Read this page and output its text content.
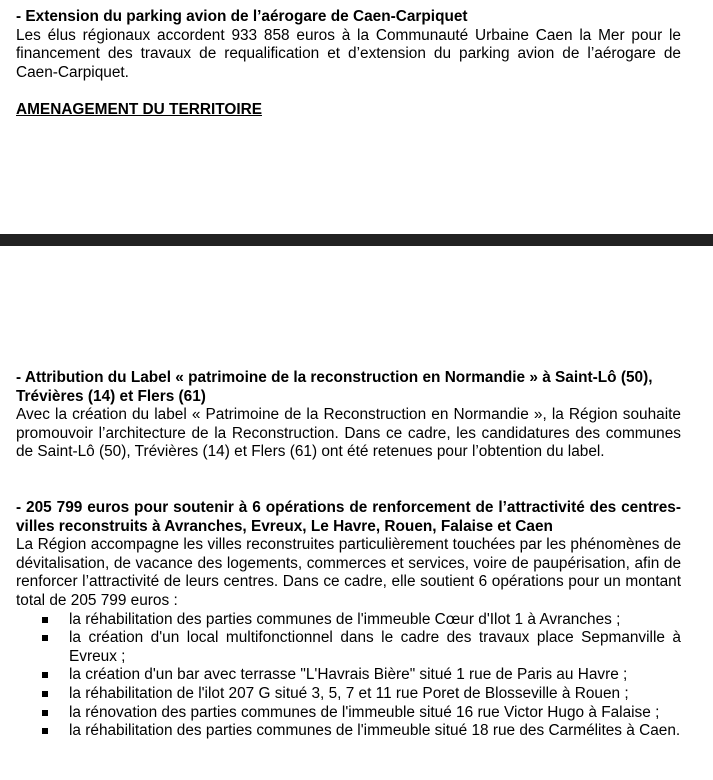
- Extension du parking avion de l’aérogare de Caen-Carpiquet

Les élus régionaux accordent 933 858 euros à la Communauté Urbaine Caen la Mer pour le financement des travaux de requalification et d’extension du parking avion de l’aérogare de Caen-Carpiquet.

AMENAGEMENT DU TERRITOIRE

- Attribution du Label « patrimoine de la reconstruction en Normandie » à Saint-Lô (50), Trévières (14) et Flers (61)

Avec la création du label « Patrimoine de la Reconstruction en Normandie », la Région souhaite promouvoir l’architecture de la Reconstruction. Dans ce cadre, les candidatures des communes de Saint-Lô (50), Trévières (14) et Flers (61) ont été retenues pour l’obtention du label.

- 205 799 euros pour soutenir à 6 opérations de renforcement de l’attractivité des centres-villes reconstruits à Avranches, Evreux, Le Havre, Rouen, Falaise et Caen

La Région accompagne les villes reconstruites particulièrement touchées par les phénomènes de dévitalisation, de vacance des logements, commerces et services, voire de paupérisation, afin de renforcer l’attractivité de leurs centres. Dans ce cadre, elle soutient 6 opérations pour un montant total de 205 799 euros :

la réhabilitation des parties communes de l'immeuble Cœur d'Ilot 1 à Avranches ;
la création d'un local multifonctionnel dans le cadre des travaux place Sepmanville à Evreux ;
la création d'un bar avec terrasse "L'Havrais Bière" situé 1 rue de Paris au Havre ;
la réhabilitation de l'ilot 207 G situé 3, 5, 7 et 11 rue Poret de Blosseville à Rouen ;
la rénovation des parties communes de l'immeuble situé 16 rue Victor Hugo à Falaise ;
la réhabilitation des parties communes de l'immeuble situé 18 rue des Carmélites à Caen.
